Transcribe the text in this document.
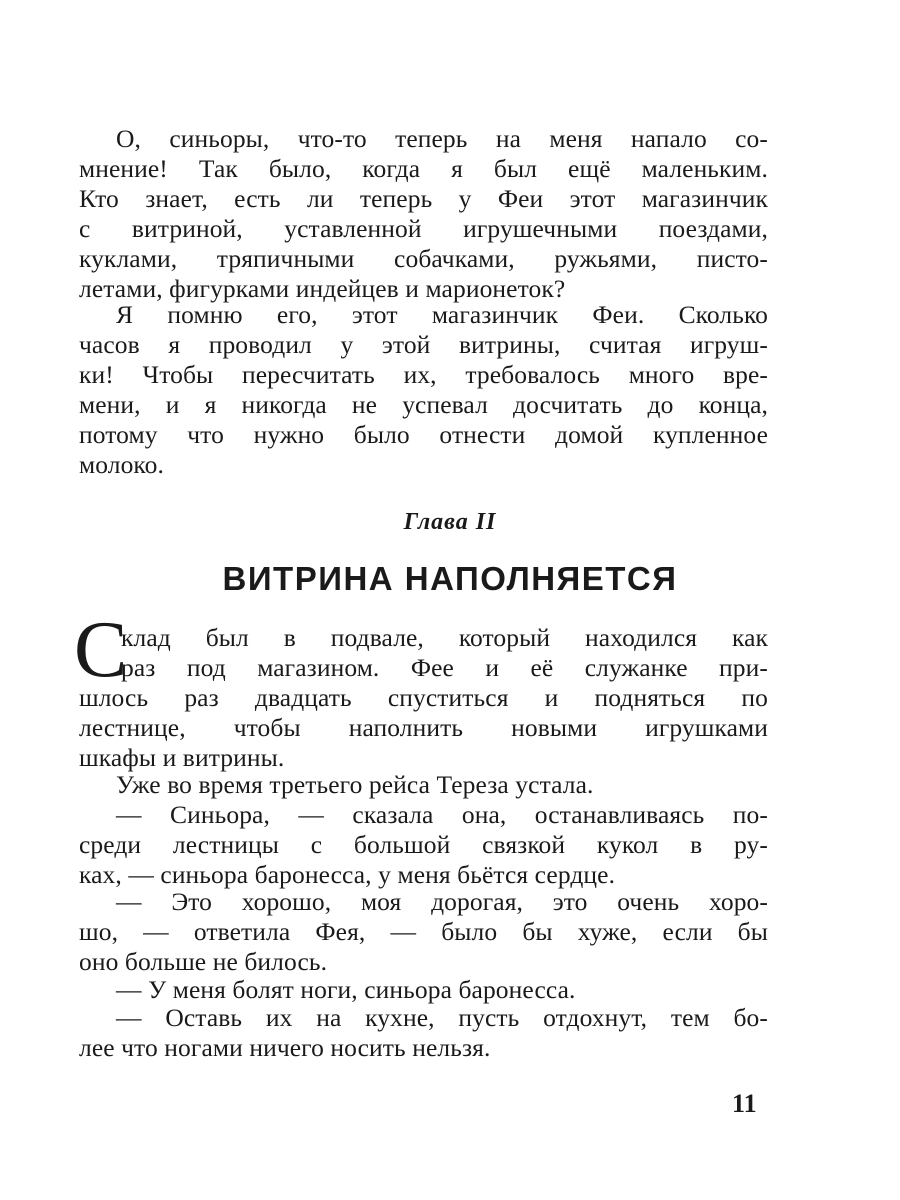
О, синьоры, что-то теперь на меня напало со-
мнение! Так было, когда я был ещё маленьким.
Кто знает, есть ли теперь у Феи этот магазинчик
с витриной, уставленной игрушечными поездами,
куклами, тряпичными собачками, ружьями, писто-
летами, фигурками индейцев и марионеток?
Я помню его, этот магазинчик Феи. Сколько
часов я проводил у этой витрины, считая игруш-
ки! Чтобы пересчитать их, требовалось много вре-
мени, и я никогда не успевал досчитать до конца,
потому что нужно было отнести домой купленное
молоко.
Глава II
ВИТРИНА НАПОЛНЯЕТСЯ
С
клад был в подвале, который находился как
раз под магазином. Фее и её служанке при-
шлось раз двадцать спуститься и подняться по
лестнице, чтобы наполнить новыми игрушками
шкафы и витрины.
Уже во время третьего рейса Тереза устала.
— Синьора, — сказала она, останавливаясь по-
среди лестницы с большой связкой кукол в ру-
ках, — синьора баронесса, у меня бьётся сердце.
— Это хорошо, моя дорогая, это очень хоро-
шо, — ответила Фея, — было бы хуже, если бы
оно больше не билось.
— У меня болят ноги, синьора баронесса.
— Оставь их на кухне, пусть отдохнут, тем бо-
лее что ногами ничего носить нельзя.
11
